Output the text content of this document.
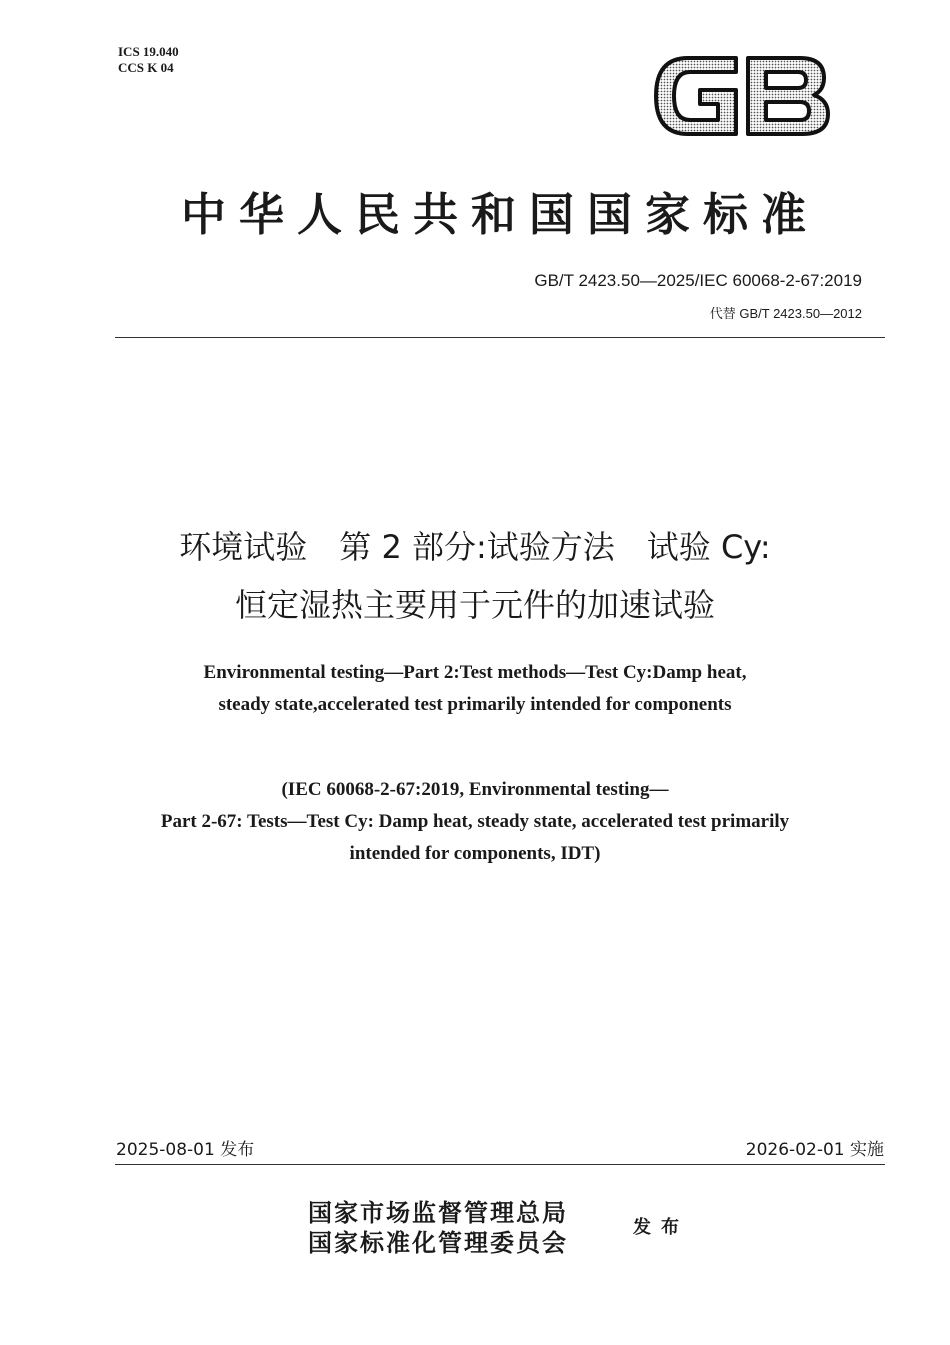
ICS 19.040
CCS K 04
中华人民共和国国家标准
GB/T 2423.50—2025/IEC 60068-2-67:2019
代替 GB/T 2423.50—2012
环境试验　第 2 部分:试验方法　试验 Cy:
恒定湿热主要用于元件的加速试验
Environmental testing—Part 2:Test methods—Test Cy:Damp heat,
steady state,accelerated test primarily intended for components
(IEC 60068-2-67:2019, Environmental testing—
Part 2-67: Tests—Test Cy: Damp heat, steady state, accelerated test primarily
intended for components, IDT)
2025-08-01 发布	2026-02-01 实施
国家市场监督管理总局
国家标准化管理委员会
发布
